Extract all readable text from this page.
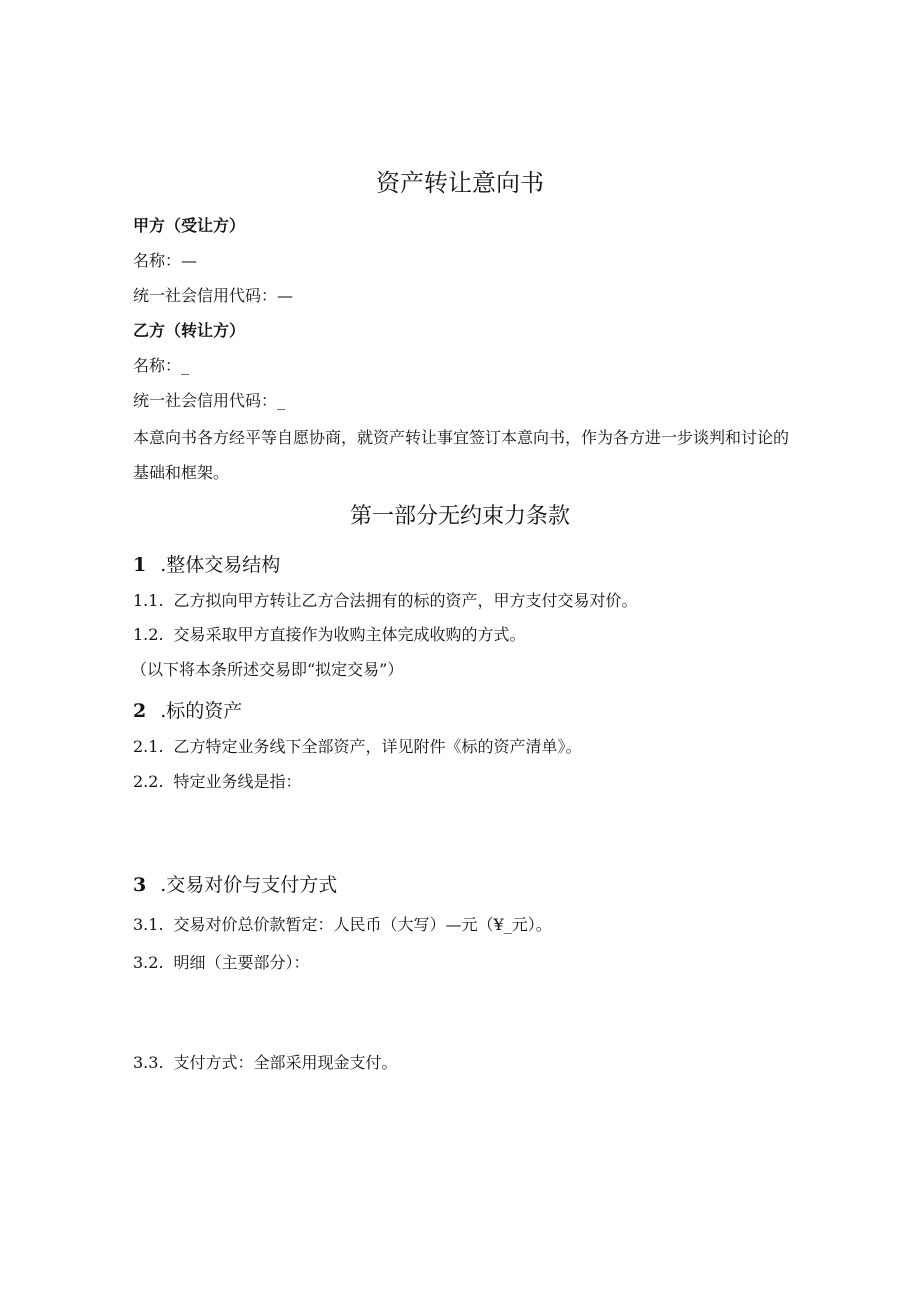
资产转让意向书
甲方（受让方）
名称：—
统一社会信用代码：—
乙方（转让方）
名称：_
统一社会信用代码：_
本意向书各方经平等自愿协商，就资产转让事宜签订本意向书，作为各方进一步谈判和讨论的基础和框架。
第一部分无约束力条款
1 .整体交易结构
1.1. 乙方拟向甲方转让乙方合法拥有的标的资产，甲方支付交易对价。
1.2. 交易采取甲方直接作为收购主体完成收购的方式。
（以下将本条所述交易即“拟定交易”）
2 .标的资产
2.1. 乙方特定业务线下全部资产，详见附件《标的资产清单》。
2.2. 特定业务线是指：
3 .交易对价与支付方式
3.1. 交易对价总价款暂定：人民币（大写）—元（¥_元）。
3.2. 明细（主要部分）：
3.3. 支付方式：全部采用现金支付。
